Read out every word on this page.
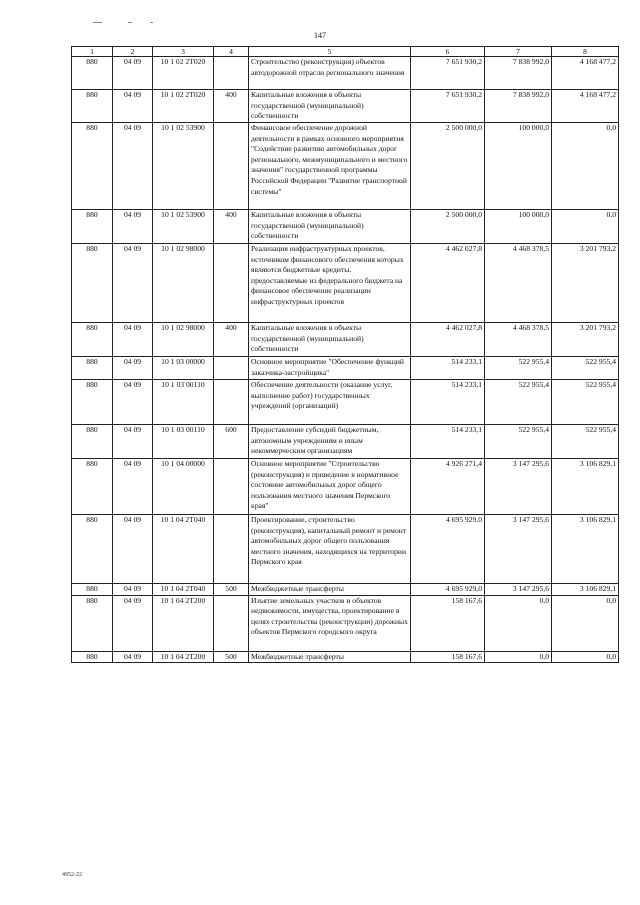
147
1	2	3	4	5	6	7	8
880	04 09	10 1 02 2T020		Строительство (реконструкция) объектов автодорожной отрасли регионального значения	7 651 930,2	7 838 992,0	4 168 477,2
880	04 09	10 1 02 2T020	400	Капитальные вложения в объекты государственной (муниципальной) собственности	7 651 930,2	7 838 992,0	4 168 477,2
880	04 09	10 1 02 53900		Финансовое обеспечение дорожной деятельности в рамках основного мероприятия "Содействие развитию автомобильных дорог регионального, межмуниципального и местного значения" государственной программы Российской Федерации "Развитие транспортной системы"	2 500 000,0	100 000,0	0,0
880	04 09	10 1 02 53900	400	Капитальные вложения в объекты государственной (муниципальной) собственности	2 500 000,0	100 000,0	0,0
880	04 09	10 1 02 98000		Реализация инфраструктурных проектов, источником финансового обеспечения которых являются бюджетные кредиты, предоставляемые из федерального бюджета на финансовое обеспечение реализации инфраструктурных проектов	4 462 027,8	4 468 378,5	3 201 793,2
880	04 09	10 1 02 98000	400	Капитальные вложения в объекты государственной (муниципальной) собственности	4 462 027,8	4 468 378,5	3 201 793,2
880	04 09	10 1 03 00000		Основное мероприятие "Обеспечение функций заказчика-застройщика"	514 233,1	522 955,4	522 955,4
880	04 09	10 1 03 00110		Обеспечение деятельности (оказание услуг, выполнение работ) государственных учреждений (организаций)	514 233,1	522 955,4	522 955,4
880	04 09	10 1 03 00110	600	Предоставление субсидий бюджетным, автономным учреждениям и иным некоммерческим организациям	514 233,1	522 955,4	522 955,4
880	04 09	10 1 04 00000		Основное мероприятие "Строительство (реконструкция) и приведение в нормативное состояние автомобильных дорог общего пользования местного значения Пермского края"	4 926 271,4	3 147 295,6	3 106 829,1
880	04 09	10 1 04 2T040		Проектирование, строительство (реконструкция), капитальный ремонт и ремонт автомобильных дорог общего пользования местного значения, находящихся на территории Пермского края	4 695 929,0	3 147 295,6	3 106 829,1
880	04 09	10 1 04 2T040	500	Межбюджетные трансферты	4 695 929,0	3 147 295,6	3 106 829,1
880	04 09	10 1 04 2T200		Изъятие земельных участков и объектов недвижимости, имущества, проектирование в целях строительства (реконструкции) дорожных объектов Пермского городского округа	158 167,6	0,0	0,0
880	04 09	10 1 04 2T200	500	Межбюджетные трансферты	158 167,6	0,0	0,0
4952-22
